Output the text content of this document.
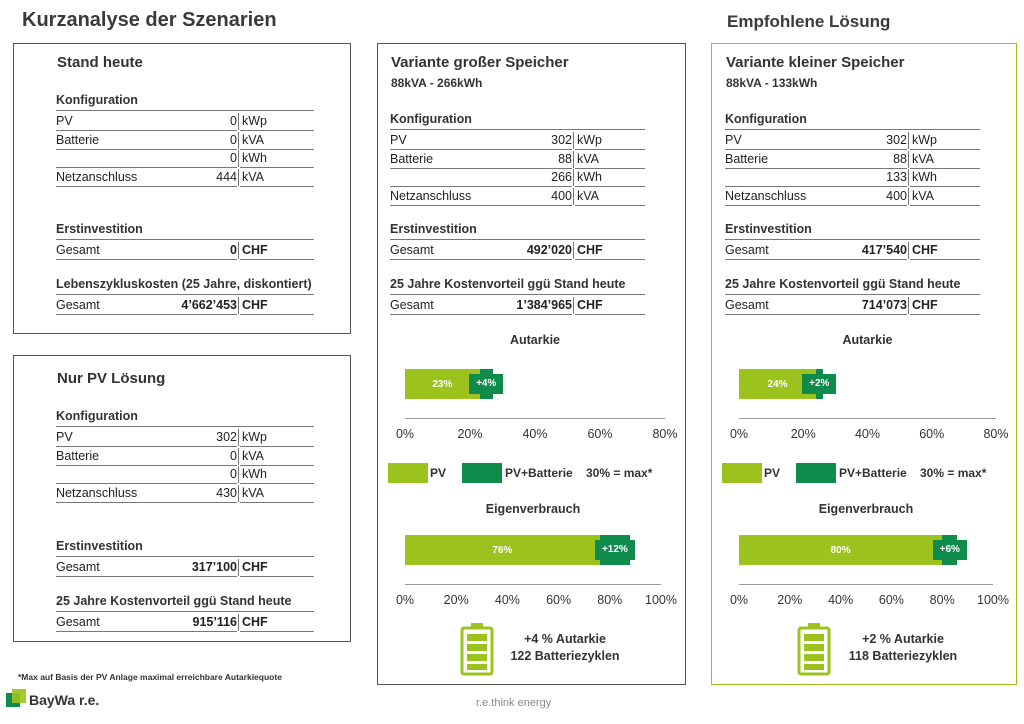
Kurzanalyse der Szenarien	Empfohlene Lösung
Stand heute
Konfiguration
PV	0 kWp
Batterie	0 kVA
0 kWh
Netzanschluss	444 kVA
Erstinvestition
Gesamt	0 CHF
Lebenszykluskosten (25 Jahre, diskontiert)
Gesamt	4’662’453 CHF
Nur PV Lösung
Konfiguration
PV	302 kWp
Batterie	0 kVA
0 kWh
Netzanschluss	430 kVA
Erstinvestition
Gesamt	317’100 CHF
25 Jahre Kostenvorteil ggü Stand heute
Gesamt	915’116 CHF
Variante großer Speicher
88kVA - 266kWh
Konfiguration
PV	302 kWp
Batterie	88 kVA
266 kWh
Netzanschluss	400 kVA
Erstinvestition
Gesamt	492’020 CHF
25 Jahre Kostenvorteil ggü Stand heute
Gesamt	1’384’965 CHF
Variante kleiner Speicher
88kVA - 133kWh
Konfiguration
PV	302 kWp
Batterie	88 kVA
133 kWh
Netzanschluss	400 kVA
Erstinvestition
Gesamt	417’540 CHF
25 Jahre Kostenvorteil ggü Stand heute
Gesamt	714’073 CHF
Autarkie
23%	+4%
0%	20%	40%	60%	80%
Eigenverbrauch
76%	+12%
0% 20% 40% 60% 80% 100%
Autarkie
24%	+2%
0%	20%	40%	60%	80%
Eigenverbrauch
80%	+6%
0% 20% 40% 60% 80% 100%
PV	PV+Batterie 30% = max*	PV	PV+Batterie 30% = max*
+4 % Autarkie
122 Batteriezyklen
+2 % Autarkie
118 Batteriezyklen
*Max auf Basis der PV Anlage maximal erreichbare Autarkiequote
BayWa r.e.	r.e.think energy
